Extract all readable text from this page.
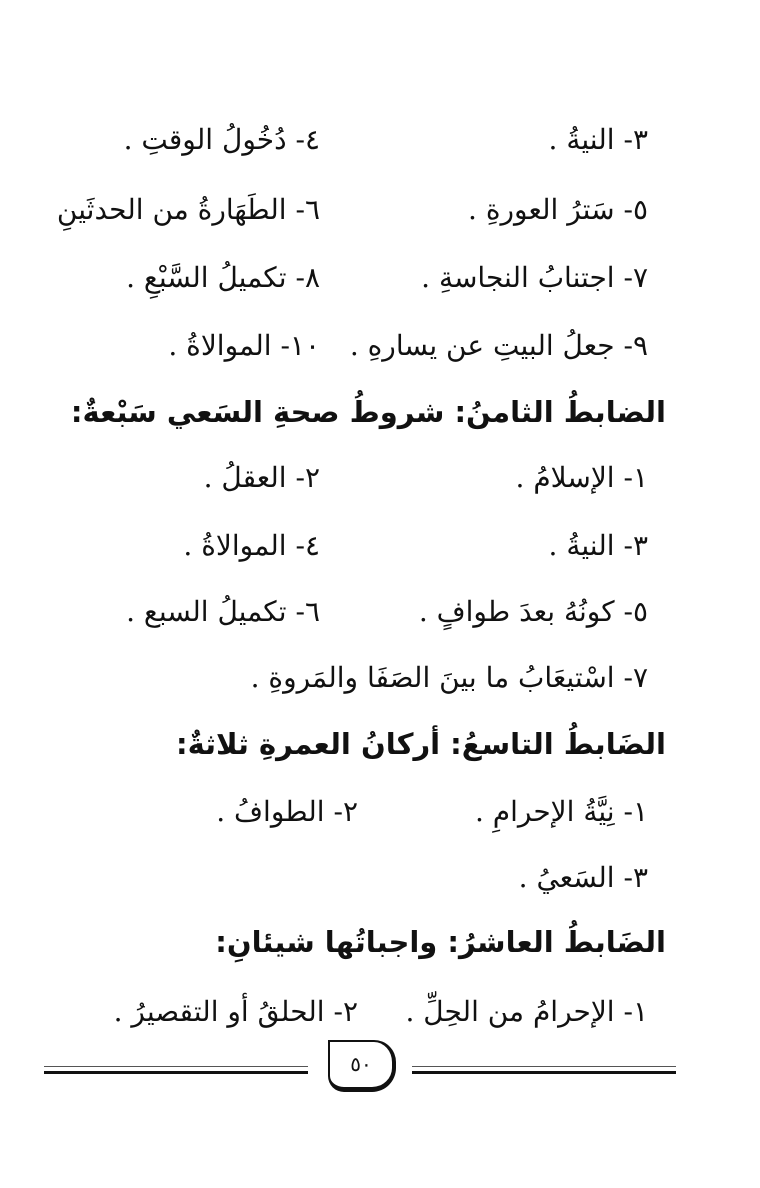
٣- النيةُ .
٤- دُخُولُ الوقتِ .
٥- سَترُ العورةِ .
٦- الطَهَارةُ من الحدثَينِ
٧- اجتنابُ النجاسةِ .
٨- تكميلُ السَّبْعِ .
٩- جعلُ البيتِ عن يسارهِ .
١٠- الموالاةُ .
الضابطُ الثامنُ: شروطُ صحةِ السَعي سَبْعةٌ:
١- الإسلامُ .
٢- العقلُ .
٣- النيةُ .
٤- الموالاةُ .
٥- كونُهُ بعدَ طوافٍ .
٦- تكميلُ السبع .
٧- اسْتيعَابُ ما بينَ الصَفَا والمَروةِ .
الضَابطُ التاسعُ: أركانُ العمرةِ ثلاثةٌ:
١- نِيَّةُ الإحرامِ .
٢- الطوافُ .
٣- السَعيُ .
الضَابطُ العاشرُ: واجباتُها شيئانِ:
١- الإحرامُ من الحِلِّ .
٢- الحلقُ أو التقصيرُ .
٥٠
